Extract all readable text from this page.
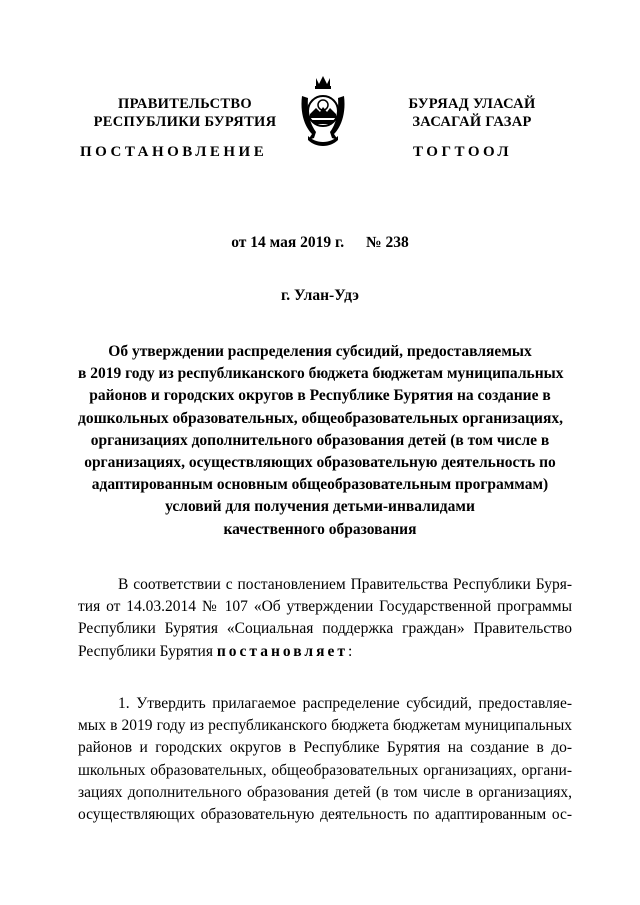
ПРАВИТЕЛЬСТВО
РЕСПУБЛИКИ БУРЯТИЯ
ПОСТАНОВЛЕНИЕ
БУРЯАД УЛАСАЙ
ЗАСАГАЙ ГАЗАР
ТОГТООЛ
от 14 мая 2019 г. № 238
г. Улан-Удэ
Об утверждении распределения субсидий, предоставляемых
в 2019 году из республиканского бюджета бюджетам муниципальных
районов и городских округов в Республике Бурятия на создание в
дошкольных образовательных, общеобразовательных организациях,
организациях дополнительного образования детей (в том числе в
организациях, осуществляющих образовательную деятельность по
адаптированным основным общеобразовательным программам)
условий для получения детьми-инвалидами
качественного образования
В соответствии с постановлением Правительства Республики Буря-
тия от 14.03.2014 № 107 «Об утверждении Государственной программы
Республики Бурятия «Социальная поддержка граждан» Правительство
Республики Бурятия постановляет:
1. Утвердить прилагаемое распределение субсидий, предоставляе-
мых в 2019 году из республиканского бюджета бюджетам муниципальных
районов и городских округов в Республике Бурятия на создание в до-
школьных образовательных, общеобразовательных организациях, органи-
зациях дополнительного образования детей (в том числе в организациях,
осуществляющих образовательную деятельность по адаптированным ос-
